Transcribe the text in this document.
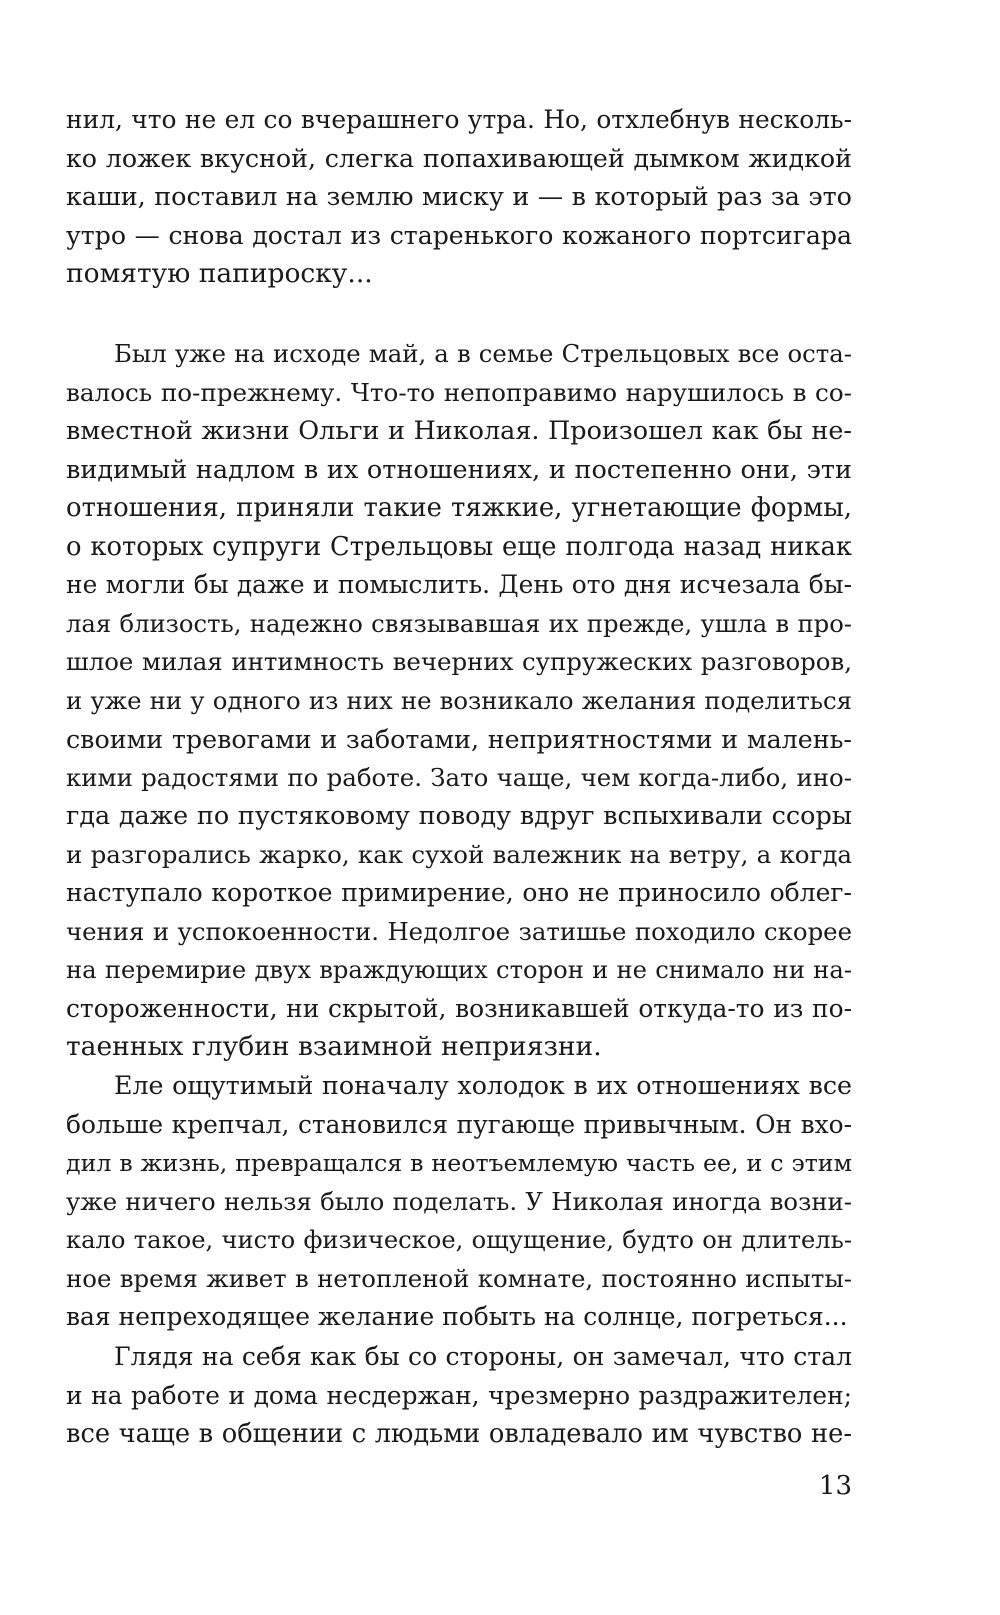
нил, что не ел со вчерашнего утра. Но, отхлебнув несколь-
ко ложек вкусной, слегка попахивающей дымком жидкой
каши, поставил на землю миску и — в который раз за это
утро — снова достал из старенького кожаного портсигара
помятую папироску...
Был уже на исходе май, а в семье Стрельцовых все оста-
валось по-прежнему. Что-то непоправимо нарушилось в со-
вместной жизни Ольги и Николая. Произошел как бы не-
видимый надлом в их отношениях, и постепенно они, эти
отношения, приняли такие тяжкие, угнетающие формы,
о которых супруги Стрельцовы еще полгода назад никак
не могли бы даже и помыслить. День ото дня исчезала бы-
лая близость, надежно связывавшая их прежде, ушла в про-
шлое милая интимность вечерних супружеских разговоров,
и уже ни у одного из них не возникало желания поделиться
своими тревогами и заботами, неприятностями и малень-
кими радостями по работе. Зато чаще, чем когда-либо, ино-
гда даже по пустяковому поводу вдруг вспыхивали ссоры
и разгорались жарко, как сухой валежник на ветру, а когда
наступало короткое примирение, оно не приносило облег-
чения и успокоенности. Недолгое затишье походило скорее
на перемирие двух враждующих сторон и не снимало ни на-
стороженности, ни скрытой, возникавшей откуда-то из по-
таенных глубин взаимной неприязни.
Еле ощутимый поначалу холодок в их отношениях все
больше крепчал, становился пугающе привычным. Он вхо-
дил в жизнь, превращался в неотъемлемую часть ее, и с этим
уже ничего нельзя было поделать. У Николая иногда возни-
кало такое, чисто физическое, ощущение, будто он длитель-
ное время живет в нетопленой комнате, постоянно испыты-
вая непреходящее желание побыть на солнце, погреться...
Глядя на себя как бы со стороны, он замечал, что стал
и на работе и дома несдержан, чрезмерно раздражителен;
все чаще в общении с людьми овладевало им чувство не-
13
